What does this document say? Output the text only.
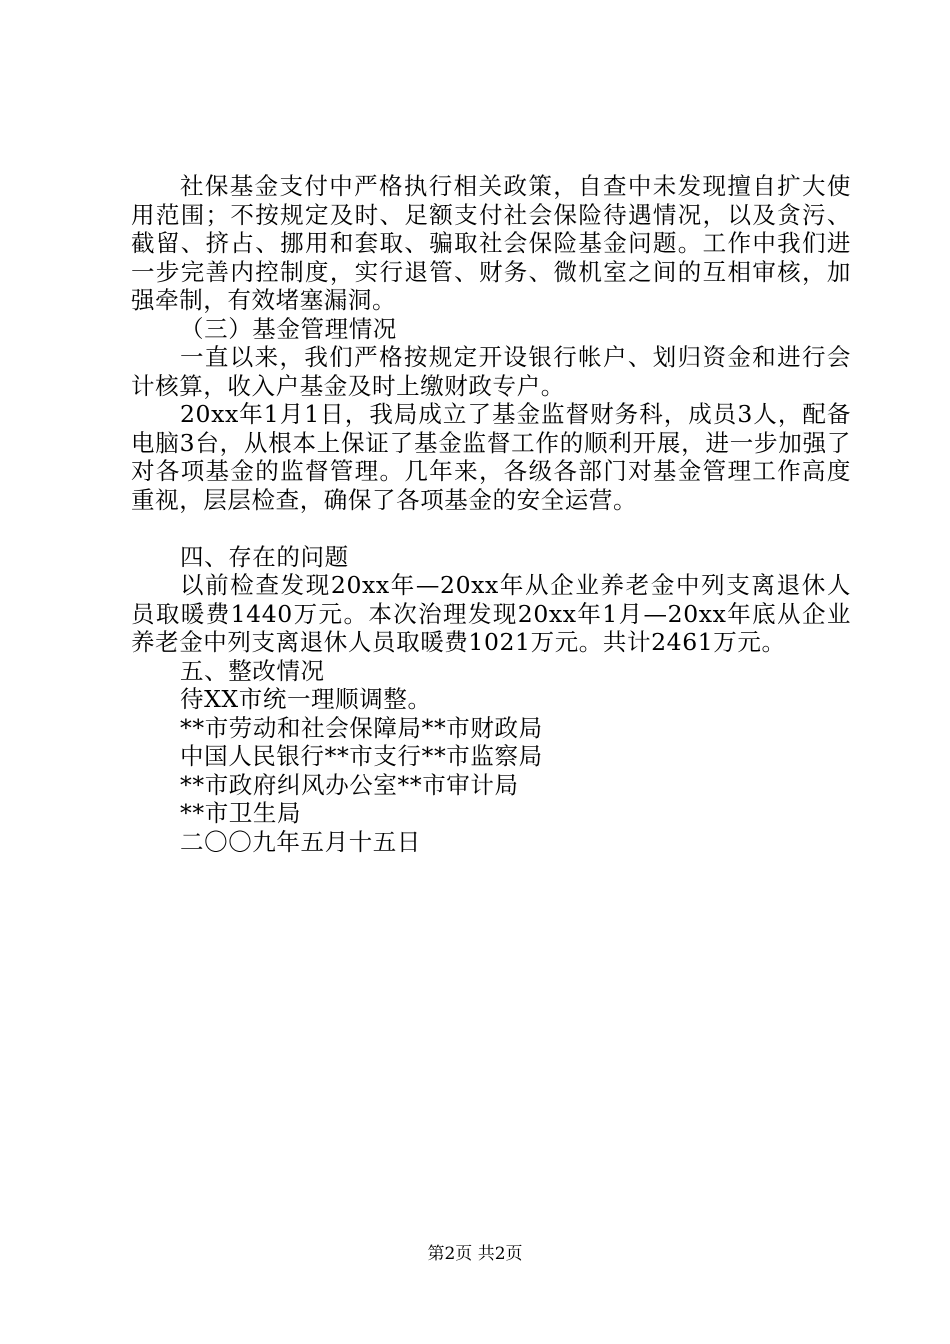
社保基金支付中严格执行相关政策，自查中未发现擅自扩大使用范围；不按规定及时、足额支付社会保险待遇情况，以及贪污、截留、挤占、挪用和套取、骗取社会保险基金问题。工作中我们进一步完善内控制度，实行退管、财务、微机室之间的互相审核，加强牵制，有效堵塞漏洞。

（三）基金管理情况

一直以来，我们严格按规定开设银行帐户、划归资金和进行会计核算，收入户基金及时上缴财政专户。

20xx年1月1日，我局成立了基金监督财务科，成员3人，配备电脑3台，从根本上保证了基金监督工作的顺利开展，进一步加强了对各项基金的监督管理。几年来，各级各部门对基金管理工作高度重视，层层检查，确保了各项基金的安全运营。

四、存在的问题

以前检查发现20xx年—20xx年从企业养老金中列支离退休人员取暖费1440万元。本次治理发现20xx年1月—20xx年底从企业养老金中列支离退休人员取暖费1021万元。共计2461万元。

五、整改情况

待XX市统一理顺调整。

**市劳动和社会保障局**市财政局

中国人民银行**市支行**市监察局

**市政府纠风办公室**市审计局

**市卫生局

二〇〇九年五月十五日

第2页 共2页
